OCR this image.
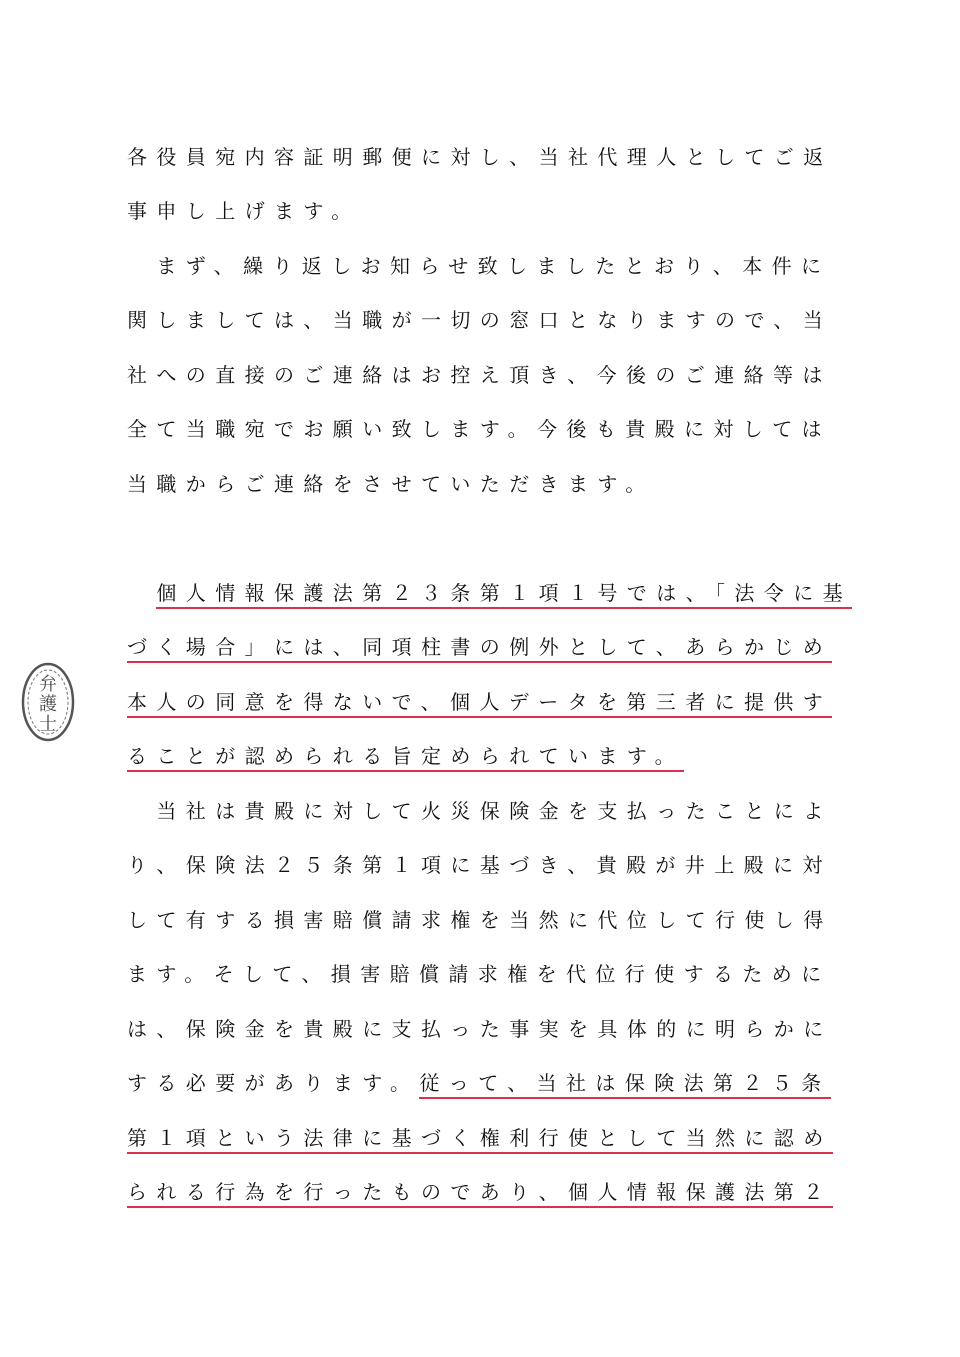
弁
護
士
各役員宛内容証明郵便に対し、当社代理人としてご返
事申し上げます。
　まず、繰り返しお知らせ致しましたとおり、本件に
関しましては、当職が一切の窓口となりますので、当
社への直接のご連絡はお控え頂き、今後のご連絡等は
全て当職宛でお願い致します。今後も貴殿に対しては
当職からご連絡をさせていただきます。
　個人情報保護法第２３条第１項１号では、「法令に基
づく場合」には、同項柱書の例外として、あらかじめ
本人の同意を得ないで、個人データを第三者に提供す
ることが認められる旨定められています。
　当社は貴殿に対して火災保険金を支払ったことによ
り、保険法２５条第１項に基づき、貴殿が井上殿に対
して有する損害賠償請求権を当然に代位して行使し得
ます。そして、損害賠償請求権を代位行使するために
は、保険金を貴殿に支払った事実を具体的に明らかに
する必要があります。従って、当社は保険法第２５条
第１項という法律に基づく権利行使として当然に認め
られる行為を行ったものであり、個人情報保護法第２
